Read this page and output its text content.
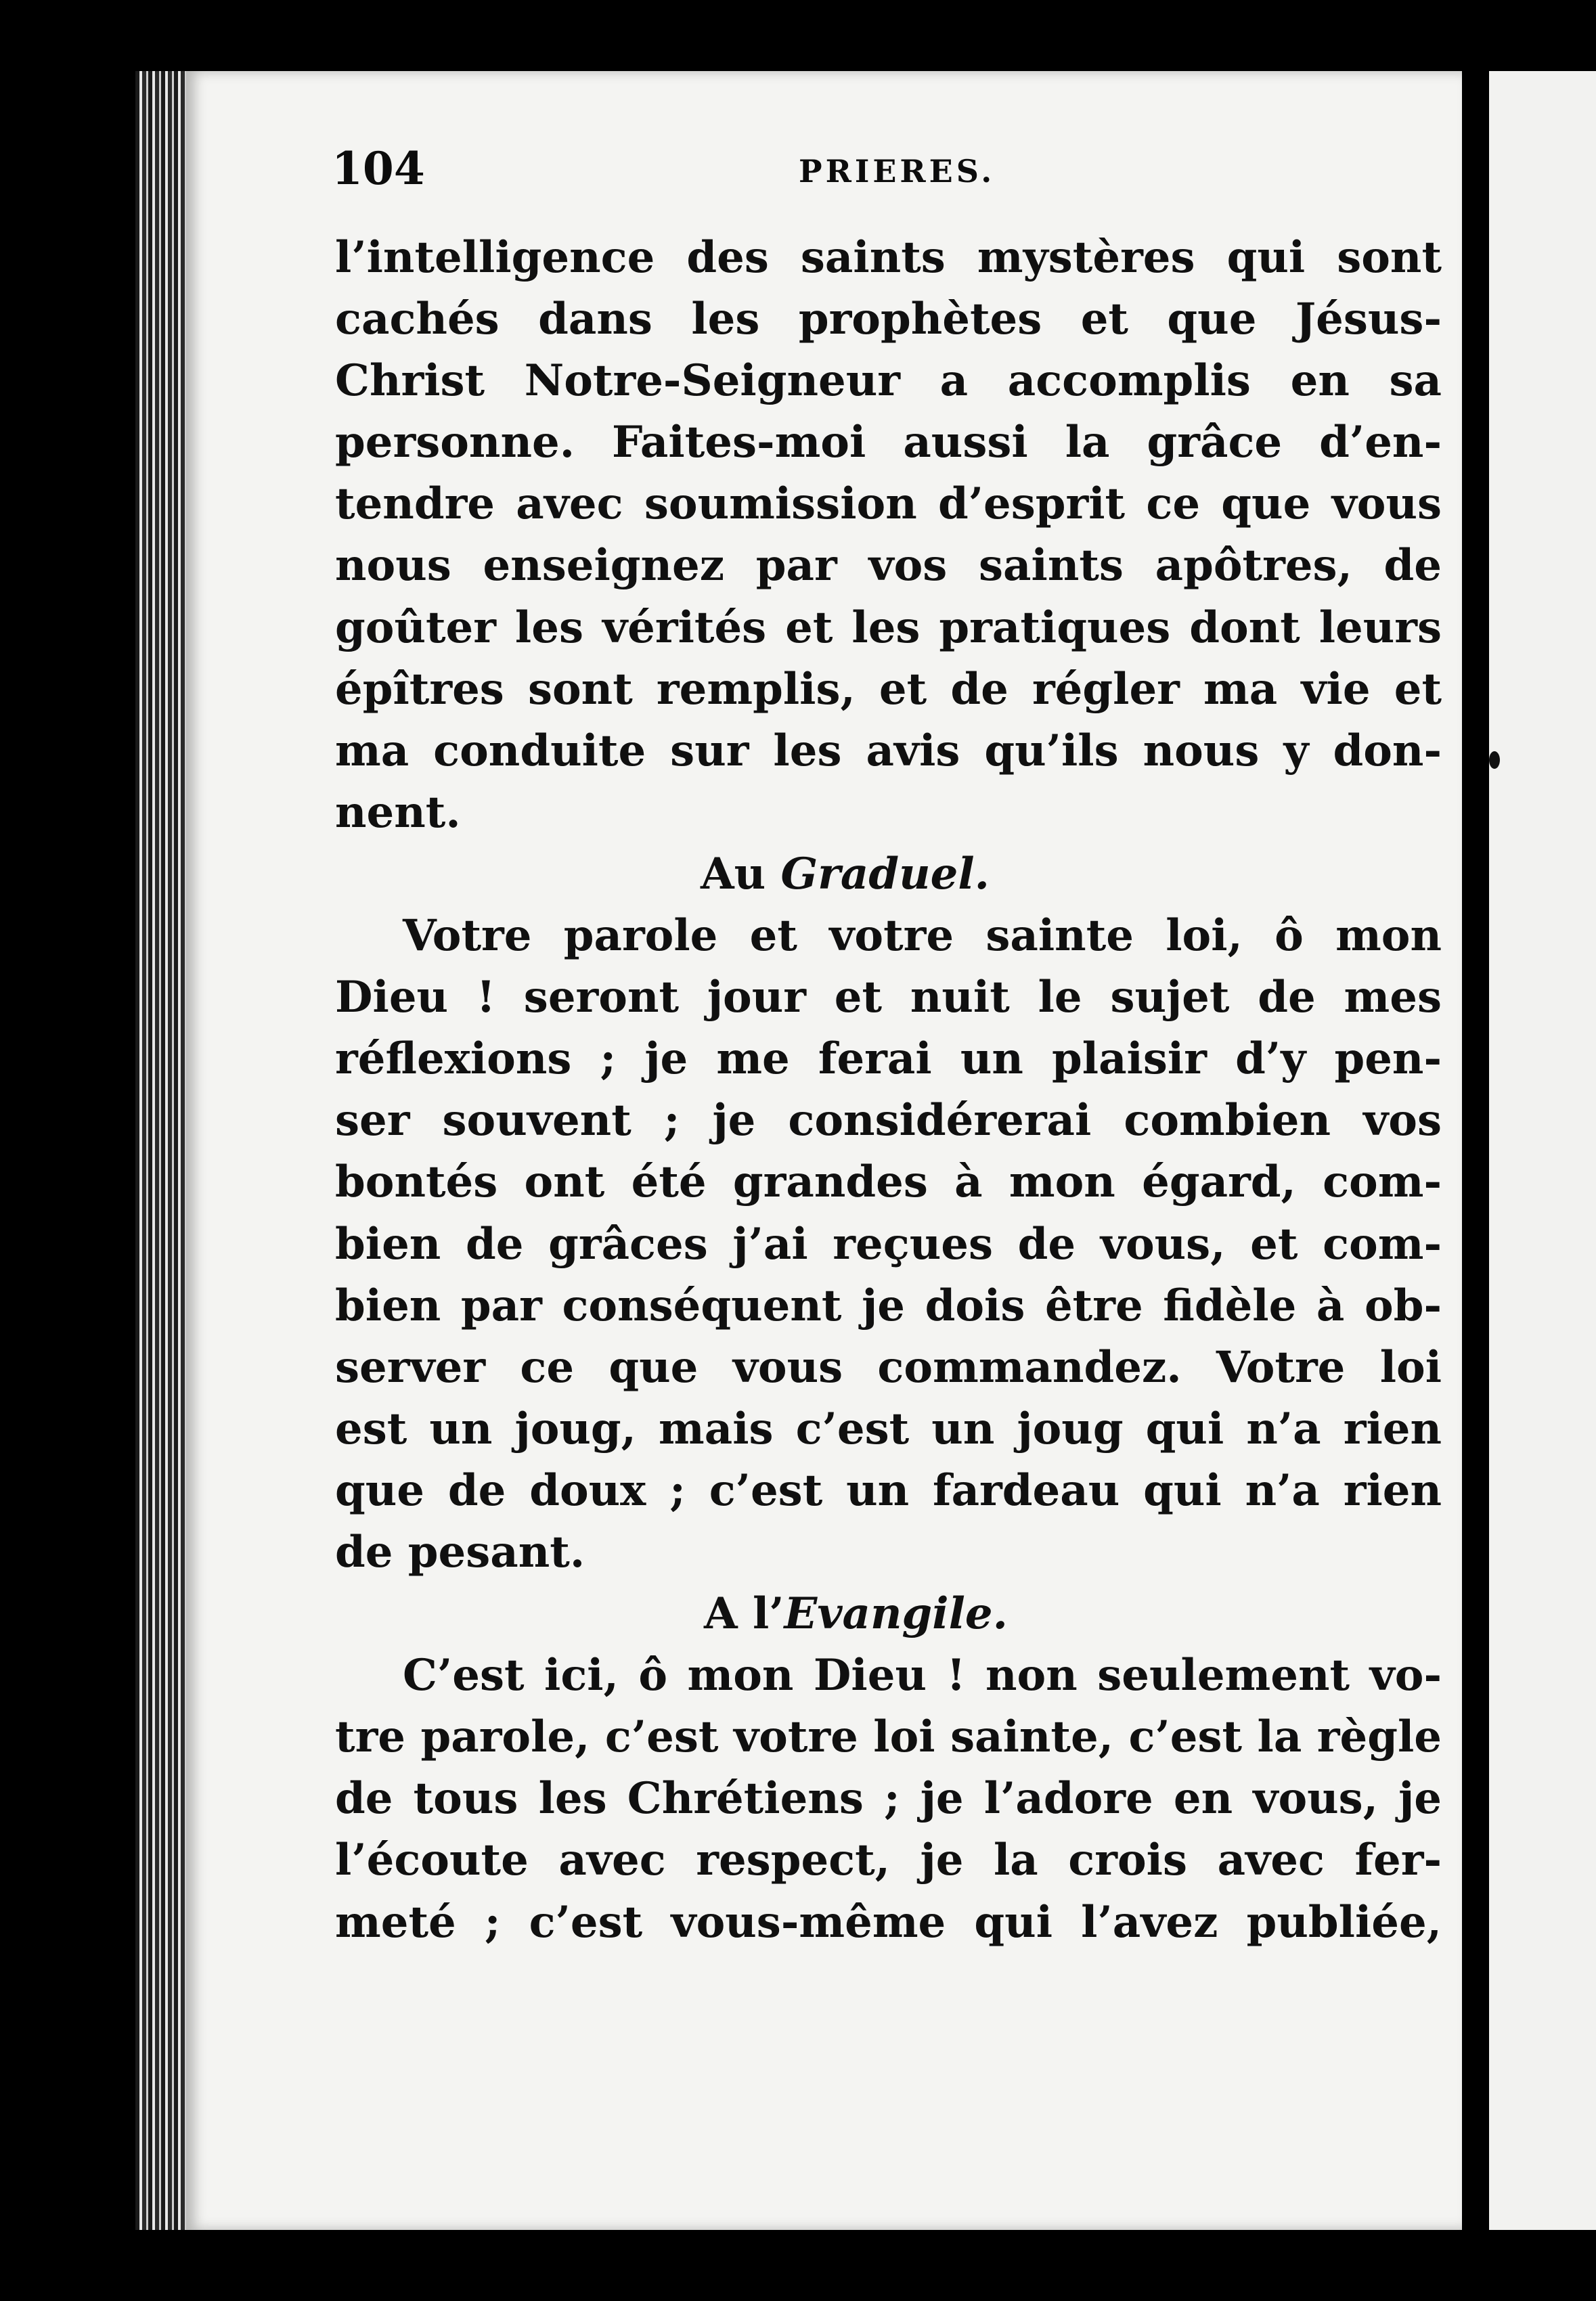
104	PRIERES.
l’intelligence des saints mystères qui sont
cachés dans les prophètes et que Jésus-
Christ Notre-Seigneur a accomplis en sa
personne. Faites-moi aussi la grâce d’en-
tendre avec soumission d’esprit ce que vous
nous enseignez par vos saints apôtres, de
goûter les vérités et les pratiques dont leurs
épîtres sont remplis, et de régler ma vie et
ma conduite sur les avis qu’ils nous y don-
nent.
Au Graduel.
Votre parole et votre sainte loi, ô mon
Dieu ! seront jour et nuit le sujet de mes
réflexions ; je me ferai un plaisir d’y pen-
ser souvent ; je considérerai combien vos
bontés ont été grandes à mon égard, com-
bien de grâces j’ai reçues de vous, et com-
bien par conséquent je dois être fidèle à ob-
server ce que vous commandez. Votre loi
est un joug, mais c’est un joug qui n’a rien
que de doux ; c’est un fardeau qui n’a rien
de pesant.
A l’Evangile.
C’est ici, ô mon Dieu ! non seulement vo-
tre parole, c’est votre loi sainte, c’est la règle
de tous les Chrétiens ; je l’adore en vous, je
l’écoute avec respect, je la crois avec fer-
meté ; c’est vous-même qui l’avez publiée,
